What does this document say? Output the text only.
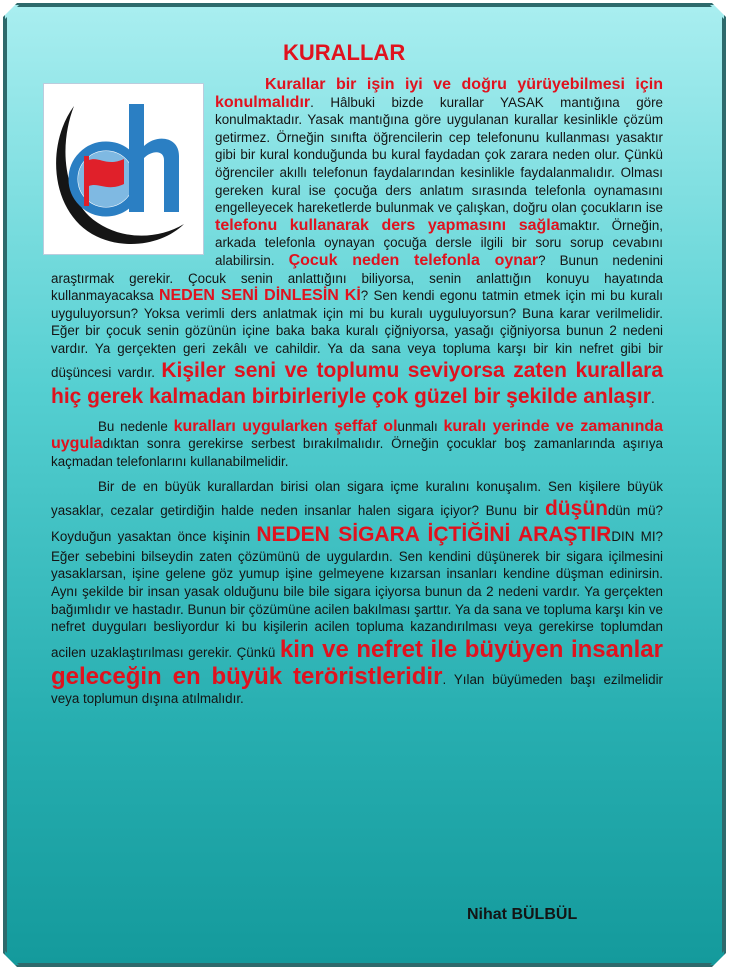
KURALLAR

Kurallar bir işin iyi ve doğru yürüyebilmesi için konulmalıdır. Hâlbuki bizde kurallar YASAK mantığına göre konulmaktadır. Yasak mantığına göre uygulanan kurallar kesinlikle çözüm getirmez. Örneğin sınıfta öğrencilerin cep telefonunu kullanması yasaktır gibi bir kural konduğunda bu kural faydadan çok zarara neden olur. Çünkü öğrenciler akıllı telefonun faydalarından kesinlikle faydalanmalıdır. Olması gereken kural ise çocuğa ders anlatım sırasında telefonla oynamasını engelleyecek hareketlerde bulunmak ve çalışkan, doğru olan çocukların ise telefonu kullanarak ders yapmasını sağlamaktır. Örneğin, arkada telefonla oynayan çocuğa dersle ilgili bir soru sorup cevabını alabilirsin. Çocuk neden telefonla oynar? Bunun nedenini araştırmak gerekir. Çocuk senin anlattığını biliyorsa, senin anlattığın konuyu hayatında kullanmayacaksa NEDEN SENİ DİNLESİN Kİ? Sen kendi egonu tatmin etmek için mi bu kuralı uyguluyorsun? Yoksa verimli ders anlatmak için mi bu kuralı uyguluyorsun? Buna karar verilmelidir. Eğer bir çocuk senin gözünün içine baka baka kuralı çiğniyorsa, yasağı çiğniyorsa bunun 2 nedeni vardır. Ya gerçekten geri zekâlı ve cahildir. Ya da sana veya topluma karşı bir kin nefret gibi bir düşüncesi vardır. Kişiler seni ve toplumu seviyorsa zaten kurallara hiç gerek kalmadan birbirleriyle çok güzel bir şekilde anlaşır.

Bu nedenle kuralları uygularken şeffaf olunmalı kuralı yerinde ve zamanında uyguladıktan sonra gerekirse serbest bırakılmalıdır. Örneğin çocuklar boş zamanlarında aşırıya kaçmadan telefonlarını kullanabilmelidir.

Bir de en büyük kurallardan birisi olan sigara içme kuralını konuşalım. Sen kişilere büyük yasaklar, cezalar getirdiğin halde neden insanlar halen sigara içiyor? Bunu bir düşündün mü? Koyduğun yasaktan önce kişinin NEDEN SİGARA İÇTİĞİNİ ARAŞTIRDIN MI? Eğer sebebini bilseydin zaten çözümünü de uygulardın. Sen kendini düşünerek bir sigara içilmesini yasaklarsan, işine gelene göz yumup işine gelmeyene kızarsan insanları kendine düşman edinirsin. Aynı şekilde bir insan yasak olduğunu bile bile sigara içiyorsa bunun da 2 nedeni vardır. Ya gerçekten bağımlıdır ve hastadır. Bunun bir çözümüne acilen bakılması şarttır. Ya da sana ve topluma karşı kin ve nefret duyguları besliyordur ki bu kişilerin acilen topluma kazandırılması veya gerekirse toplumdan acilen uzaklaştırılması gerekir. Çünkü kin ve nefret ile büyüyen insanlar geleceğin en büyük teröristleridir. Yılan büyümeden başı ezilmelidir veya toplumun dışına atılmalıdır.

Nihat BÜLBÜL
